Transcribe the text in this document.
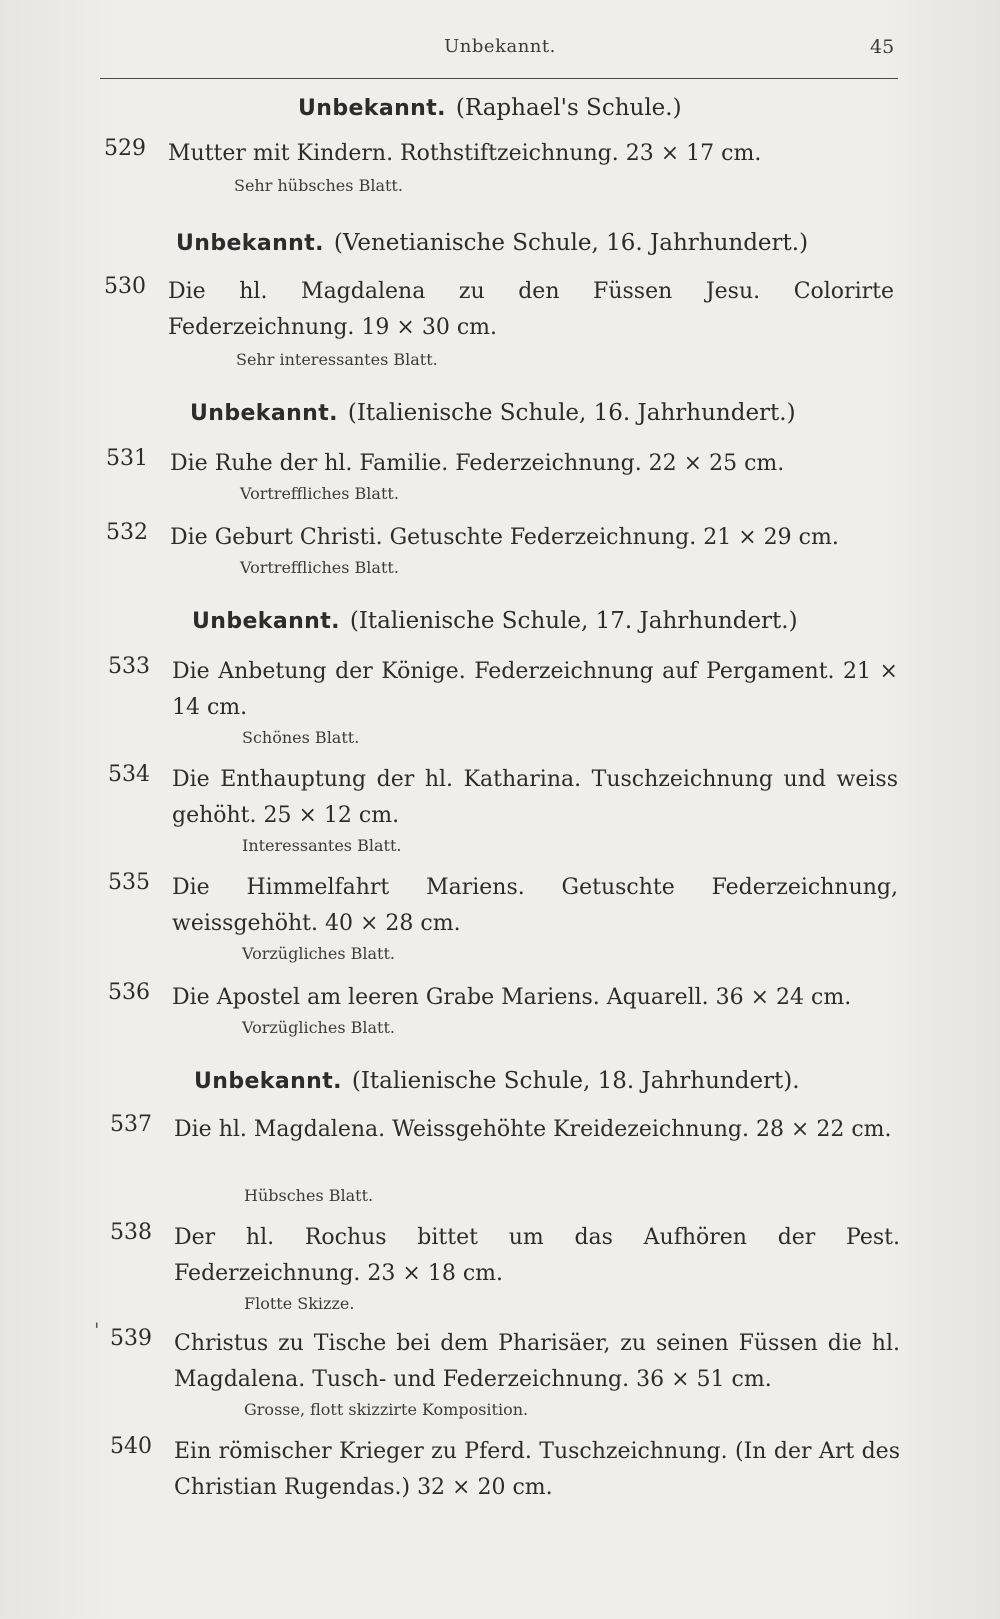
Unbekannt.	45
Unbekannt. (Raphael's Schule.)
529	Mutter mit Kindern. Rothstiftzeichnung. 23 × 17 cm.
Sehr hübsches Blatt.
Unbekannt. (Venetianische Schule, 16. Jahrhundert.)
530	Die hl. Magdalena zu den Füssen Jesu. Colorirte Federzeichnung. 19 × 30 cm.
Sehr interessantes Blatt.
Unbekannt. (Italienische Schule, 16. Jahrhundert.)
531	Die Ruhe der hl. Familie. Federzeichnung. 22 × 25 cm.
Vortreffliches Blatt.
532	Die Geburt Christi. Getuschte Federzeichnung. 21 × 29 cm.
Vortreffliches Blatt.
Unbekannt. (Italienische Schule, 17. Jahrhundert.)
533	Die Anbetung der Könige. Federzeichnung auf Pergament. 21 × 14 cm.
Schönes Blatt.
534	Die Enthauptung der hl. Katharina. Tuschzeichnung und weiss gehöht. 25 × 12 cm.
Interessantes Blatt.
535	Die Himmelfahrt Mariens. Getuschte Federzeichnung, weissgehöht. 40 × 28 cm.
Vorzügliches Blatt.
536	Die Apostel am leeren Grabe Mariens. Aquarell. 36 × 24 cm.
Vorzügliches Blatt.
Unbekannt. (Italienische Schule, 18. Jahrhundert).
537	Die hl. Magdalena. Weissgehöhte Kreidezeichnung. 28 × 22 cm.
Hübsches Blatt.
538	Der hl. Rochus bittet um das Aufhören der Pest. Federzeichnung. 23 × 18 cm.
Flotte Skizze.
' 539	Christus zu Tische bei dem Pharisäer, zu seinen Füssen die hl. Magdalena. Tusch- und Federzeichnung. 36 × 51 cm.
Grosse, flott skizzirte Komposition.
540	Ein römischer Krieger zu Pferd. Tuschzeichnung. (In der Art des Christian Rugendas.) 32 × 20 cm.
